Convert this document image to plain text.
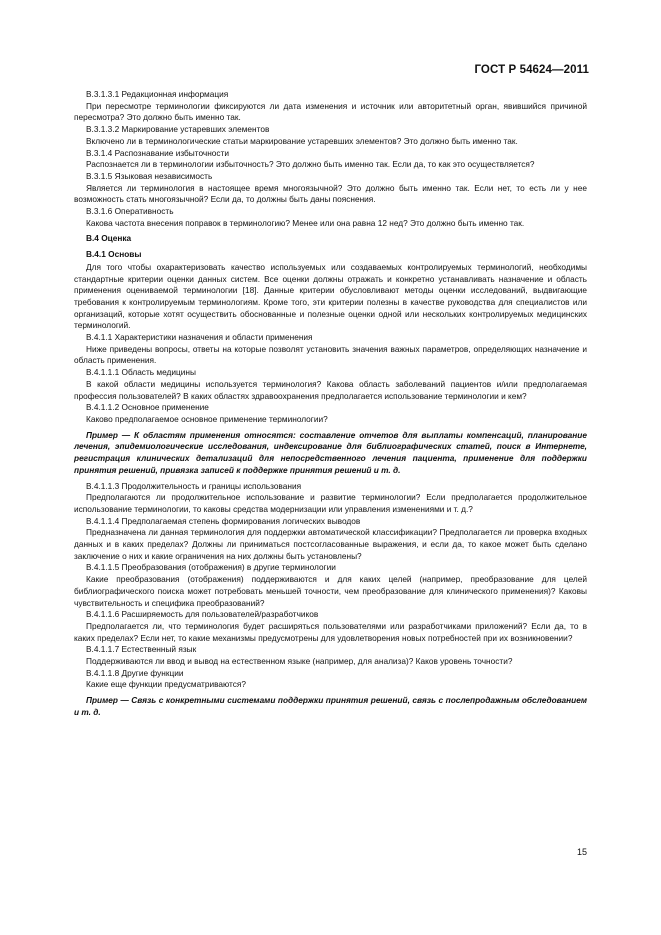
ГОСТ Р 54624—2011

В.3.1.3.1 Редакционная информация

При пересмотре терминологии фиксируются ли дата изменения и источник или авторитетный орган, явившийся причиной пересмотра? Это должно быть именно так.

В.3.1.3.2 Маркирование устаревших элементов

Включено ли в терминологические статьи маркирование устаревших элементов? Это должно быть именно так.

В.3.1.4 Распознавание избыточности

Распознается ли в терминологии избыточность? Это должно быть именно так. Если да, то как это осуществляется?

В.3.1.5 Языковая независимость

Является ли терминология в настоящее время многоязычной? Это должно быть именно так. Если нет, то есть ли у нее возможность стать многоязычной? Если да, то должны быть даны пояснения.

В.3.1.6 Оперативность

Какова частота внесения поправок в терминологию? Менее или она равна 12 нед? Это должно быть именно так.

В.4 Оценка

В.4.1 Основы

Для того чтобы охарактеризовать качество используемых или создаваемых контролируемых терминологий, необходимы стандартные критерии оценки данных систем. Все оценки должны отражать и конкретно устанавливать назначение и область применения оцениваемой терминологии [18]. Данные критерии обусловливают методы оценки исследований, выдвигающие требования к контролируемым терминологиям. Кроме того, эти критерии полезны в качестве руководства для специалистов или организаций, которые хотят осуществить обоснованные и полезные оценки одной или нескольких контролируемых медицинских терминологий.

В.4.1.1 Характеристики назначения и области применения

Ниже приведены вопросы, ответы на которые позволят установить значения важных параметров, определяющих назначение и область применения.

В.4.1.1.1 Область медицины

В какой области медицины используется терминология? Какова область заболеваний пациентов и/или предполагаемая профессия пользователей? В каких областях здравоохранения предполагается использование терминологии и кем?

В.4.1.1.2 Основное применение

Каково предполагаемое основное применение терминологии?

Пример — К областям применения относятся: составление отчетов для выплаты компенсаций, планирование лечения, эпидемиологические исследования, индексирование для библиографических статей, поиск в Интернете, регистрация клинических детализаций для непосредственного лечения пациента, применение для поддержки принятия решений, привязка записей к поддержке принятия решений и т. д.

В.4.1.1.3 Продолжительность и границы использования

Предполагаются ли продолжительное использование и развитие терминологии? Если предполагается продолжительное использование терминологии, то каковы средства модернизации или управления изменениями и т. д.?

В.4.1.1.4 Предполагаемая степень формирования логических выводов

Предназначена ли данная терминология для поддержки автоматической классификации? Предполагается ли проверка входных данных и в каких пределах? Должны ли приниматься постсогласованные выражения, и если да, то какое может быть сделано заключение о них и какие ограничения на них должны быть установлены?

В.4.1.1.5 Преобразования (отображения) в другие терминологии

Какие преобразования (отображения) поддерживаются и для каких целей (например, преобразование для целей библиографического поиска может потребовать меньшей точности, чем преобразование для клинического применения)? Каковы чувствительность и специфика преобразований?

В.4.1.1.6 Расширяемость для пользователей/разработчиков

Предполагается ли, что терминология будет расширяться пользователями или разработчиками приложений? Если да, то в каких пределах? Если нет, то какие механизмы предусмотрены для удовлетворения новых потребностей при их возникновении?

В.4.1.1.7 Естественный язык

Поддерживаются ли ввод и вывод на естественном языке (например, для анализа)? Каков уровень точности?

В.4.1.1.8 Другие функции

Какие еще функции предусматриваются?

Пример — Связь с конкретными системами поддержки принятия решений, связь с послепродажным обследованием и т. д.

15
